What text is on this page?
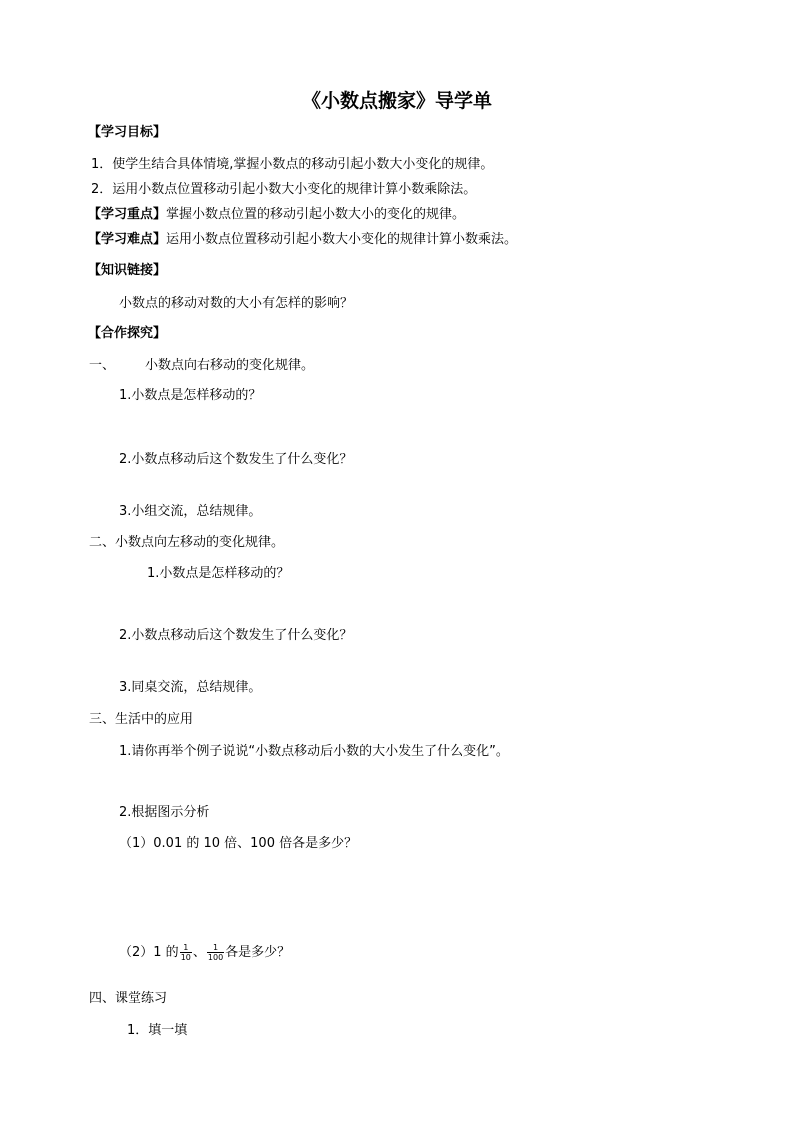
《小数点搬家》导学单
【学习目标】
1．使学生结合具体情境,掌握小数点的移动引起小数大小变化的规律。
2．运用小数点位置移动引起小数大小变化的规律计算小数乘除法。
【学习重点】掌握小数点位置的移动引起小数大小的变化的规律。
【学习难点】运用小数点位置移动引起小数大小变化的规律计算小数乘法。
【知识链接】
小数点的移动对数的大小有怎样的影响？
【合作探究】
一、 小数点向右移动的变化规律。
1.小数点是怎样移动的？
2.小数点移动后这个数发生了什么变化？
3.小组交流，总结规律。
二、小数点向左移动的变化规律。
1.小数点是怎样移动的？
2.小数点移动后这个数发生了什么变化？
3.同桌交流，总结规律。
三、生活中的应用
1.请你再举个例子说说“小数点移动后小数的大小发生了什么变化”。
2.根据图示分析
（1）0.01 的 10 倍、100 倍各是多少？
（2）1 的 $\frac{1}{10}$ 、 $\frac{1}{100}$ 各是多少？
四、课堂练习
1．填一填
